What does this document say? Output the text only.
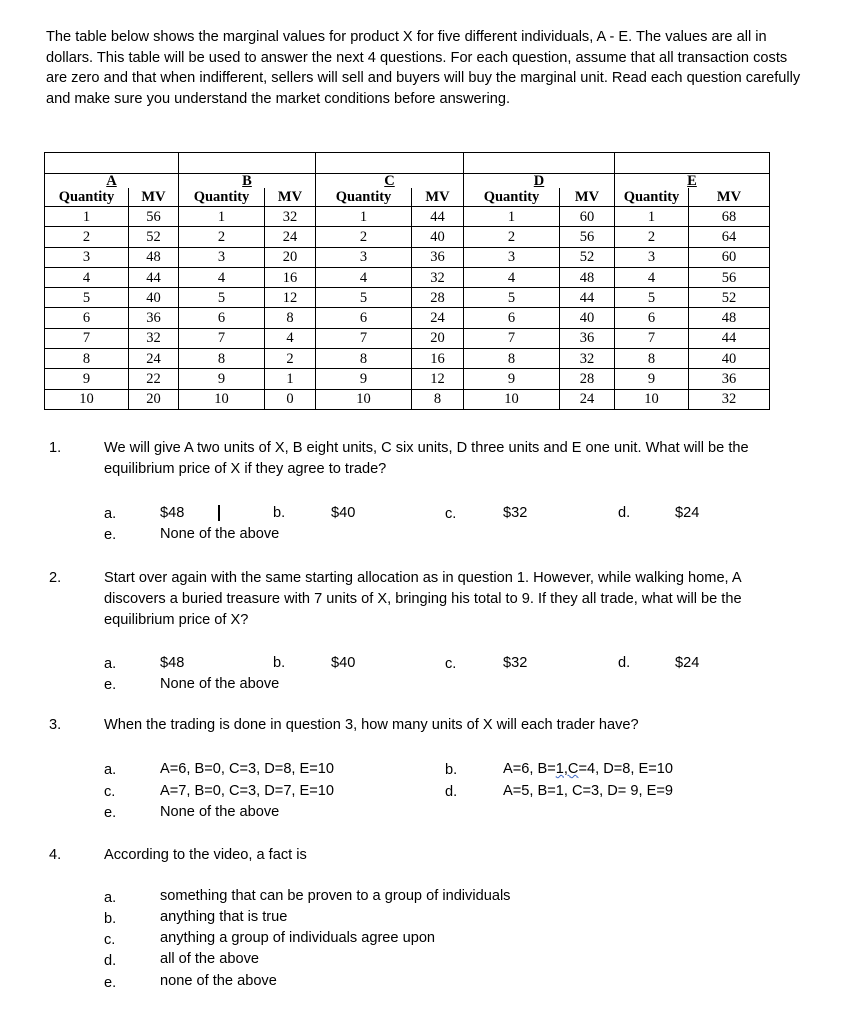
The table below shows the marginal values for product X for five different individuals, A - E. The values are all in dollars. This table will be used to answer the next 4 questions. For each question, assume that all transaction costs are zero and that when indifferent, sellers will sell and buyers will buy the marginal unit. Read each question carefully and make sure you understand the market conditions before answering.

A		B		C		D		E	
Quantity	MV	Quantity	MV	Quantity	MV	Quantity	MV	Quantity	MV
1	56	1	32	1	44	1	60	1	68
2	52	2	24	2	40	2	56	2	64
3	48	3	20	3	36	3	52	3	60
4	44	4	16	4	32	4	48	4	56
5	40	5	12	5	28	5	44	5	52
6	36	6	8	6	24	6	40	6	48
7	32	7	4	7	20	7	36	7	44
8	24	8	2	8	16	8	32	8	40
9	22	9	1	9	12	9	28	9	36
10	20	10	0	10	8	10	24	10	32
1.	We will give A two units of X, B eight units, C six units, D three units and E one unit. What will be the equilibrium price of X if they agree to trade?

a.	$48	b.	$40	c.	$32	d.	$24
e.	None of the above
2.	Start over again with the same starting allocation as in question 1. However, while walking home, A discovers a buried treasure with 7 units of X, bringing his total to 9. If they all trade, what will be the equilibrium price of X?

a.	$48	b.	$40	c.	$32	d.	$24
e.	None of the above
3.	When the trading is done in question 3, how many units of X will each trader have?

a.	A=6, B=0, C=3, D=8, E=10	b.	A=6, B=1,C=4, D=8, E=10
c.	A=7, B=0, C=3, D=7, E=10	d.	A=5, B=1, C=3, D= 9, E=9
e.	None of the above
4.	According to the video, a fact is

a.	something that can be proven to a group of individuals
b.	anything that is true
c.	anything a group of individuals agree upon
d.	all of the above
e.	none of the above
